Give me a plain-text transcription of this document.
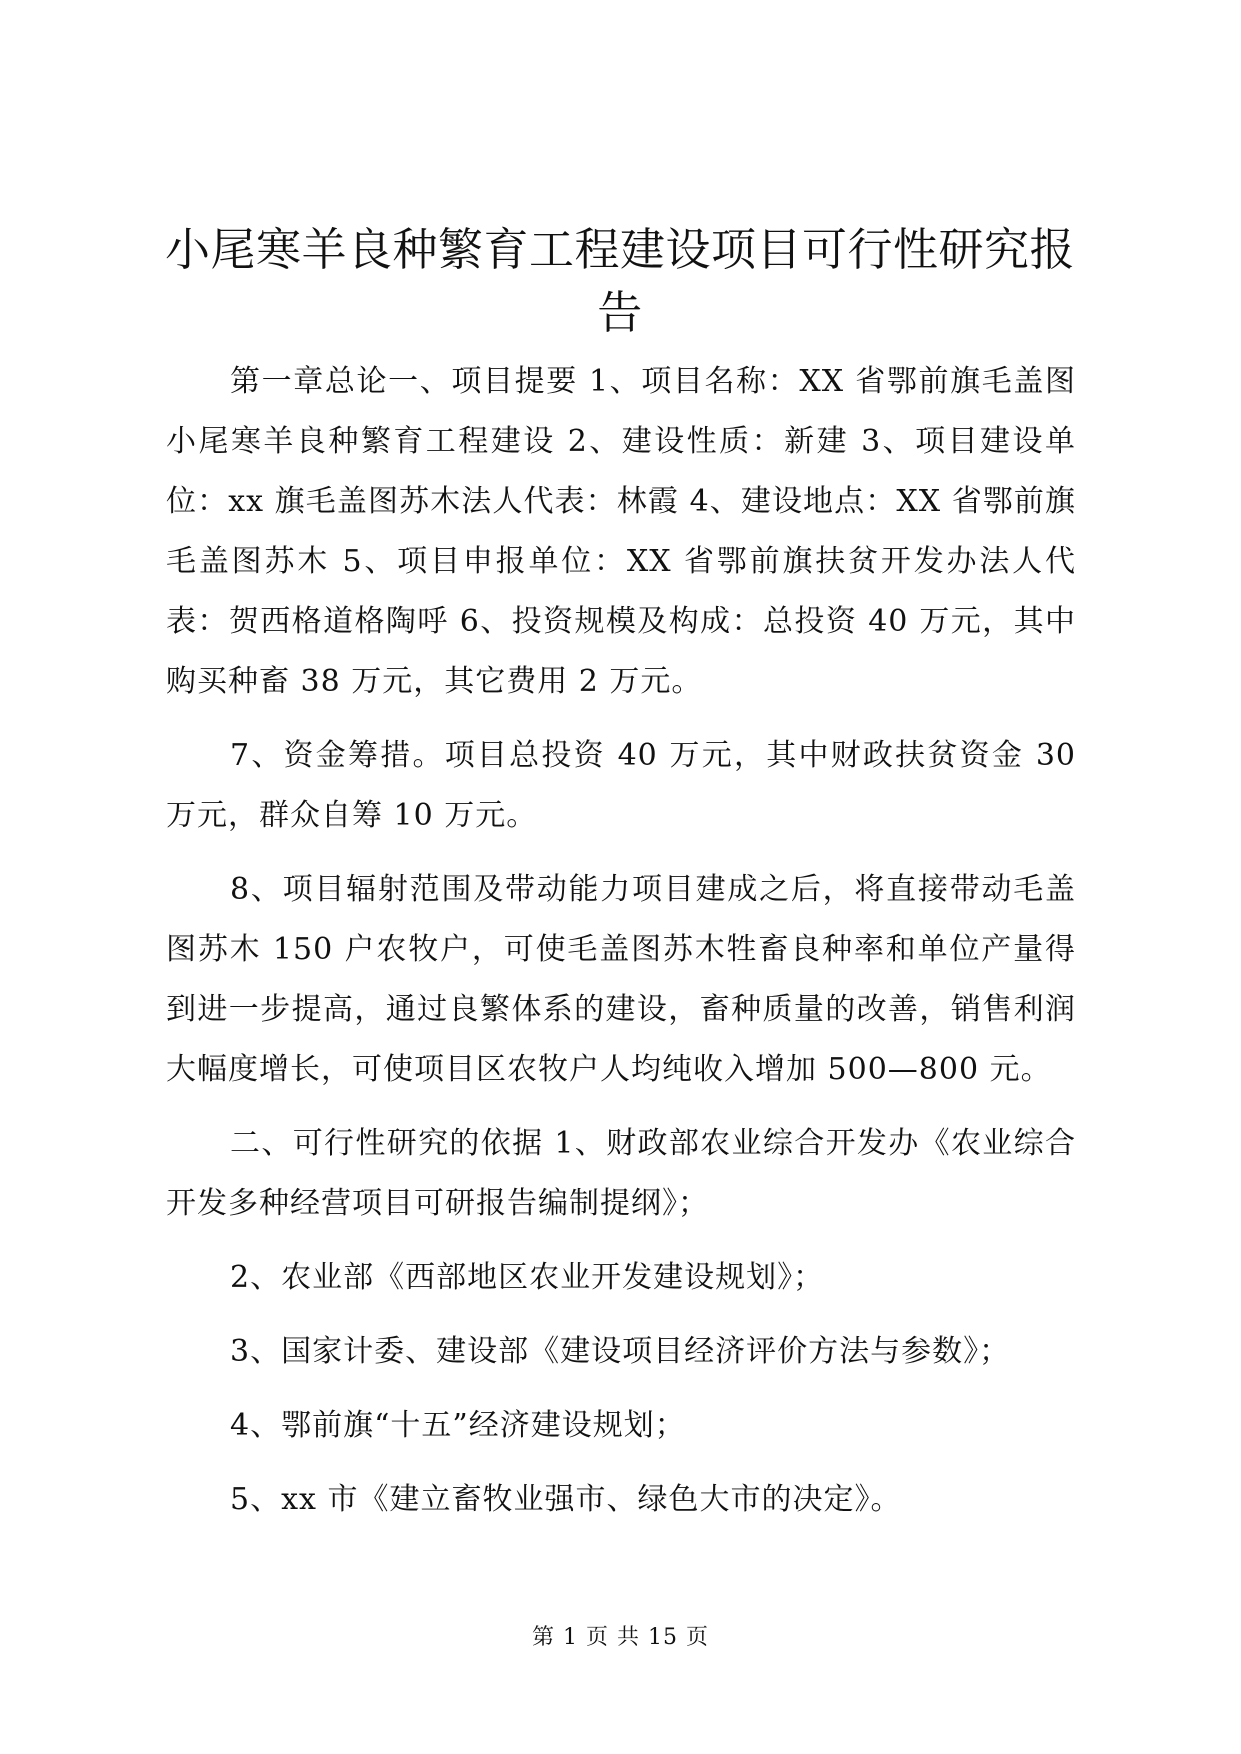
小尾寒羊良种繁育工程建设项目可行性研究报告

第一章总论一、项目提要 1、项目名称：XX 省鄂前旗毛盖图小尾寒羊良种繁育工程建设 2、建设性质：新建 3、项目建设单位：xx 旗毛盖图苏木法人代表：林霞 4、建设地点：XX 省鄂前旗毛盖图苏木 5、项目申报单位：XX 省鄂前旗扶贫开发办法人代表：贺西格道格陶呼 6、投资规模及构成：总投资 40 万元，其中购买种畜 38 万元，其它费用 2 万元。

7、资金筹措。项目总投资 40 万元，其中财政扶贫资金 30 万元，群众自筹 10 万元。

8、项目辐射范围及带动能力项目建成之后，将直接带动毛盖图苏木 150 户农牧户，可使毛盖图苏木牲畜良种率和单位产量得到进一步提高，通过良繁体系的建设，畜种质量的改善，销售利润大幅度增长，可使项目区农牧户人均纯收入增加 500—800 元。

二、可行性研究的依据 1、财政部农业综合开发办《农业综合开发多种经营项目可研报告编制提纲》；

2、农业部《西部地区农业开发建设规划》；

3、国家计委、建设部《建设项目经济评价方法与参数》；

4、鄂前旗“十五”经济建设规划；

5、xx 市《建立畜牧业强市、绿色大市的决定》。

第 1 页 共 15 页
